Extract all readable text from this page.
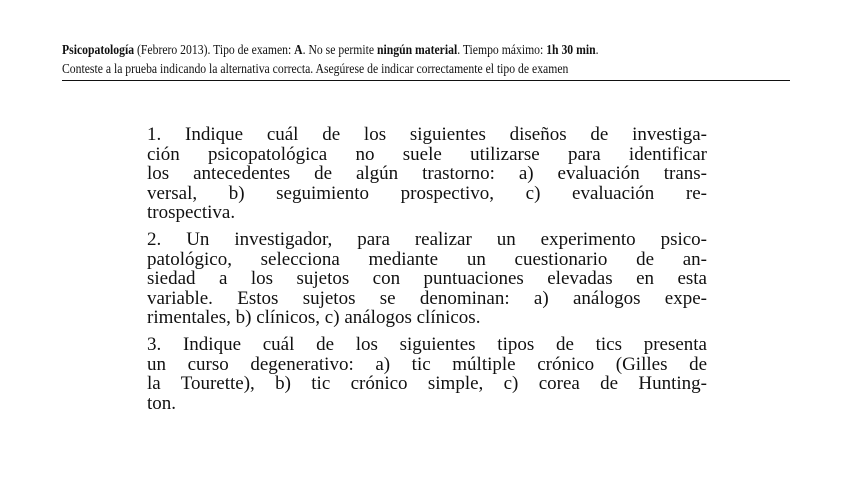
Psicopatología (Febrero 2013). Tipo de examen: A. No se permite ningún material. Tiempo máximo: 1h 30 min.
Conteste a la prueba indicando la alternativa correcta. Asegúrese de indicar correctamente el tipo de examen
1. Indique cuál de los siguientes diseños de investiga-
ción psicopatológica no suele utilizarse para identificar
los antecedentes de algún trastorno: a) evaluación trans-
versal, b) seguimiento prospectivo, c) evaluación re-
trospectiva.
2. Un investigador, para realizar un experimento psico-
patológico, selecciona mediante un cuestionario de an-
siedad a los sujetos con puntuaciones elevadas en esta
variable. Estos sujetos se denominan: a) análogos expe-
rimentales, b) clínicos, c) análogos clínicos.
3. Indique cuál de los siguientes tipos de tics presenta
un curso degenerativo: a) tic múltiple crónico (Gilles de
la Tourette), b) tic crónico simple, c) corea de Hunting-
ton.
